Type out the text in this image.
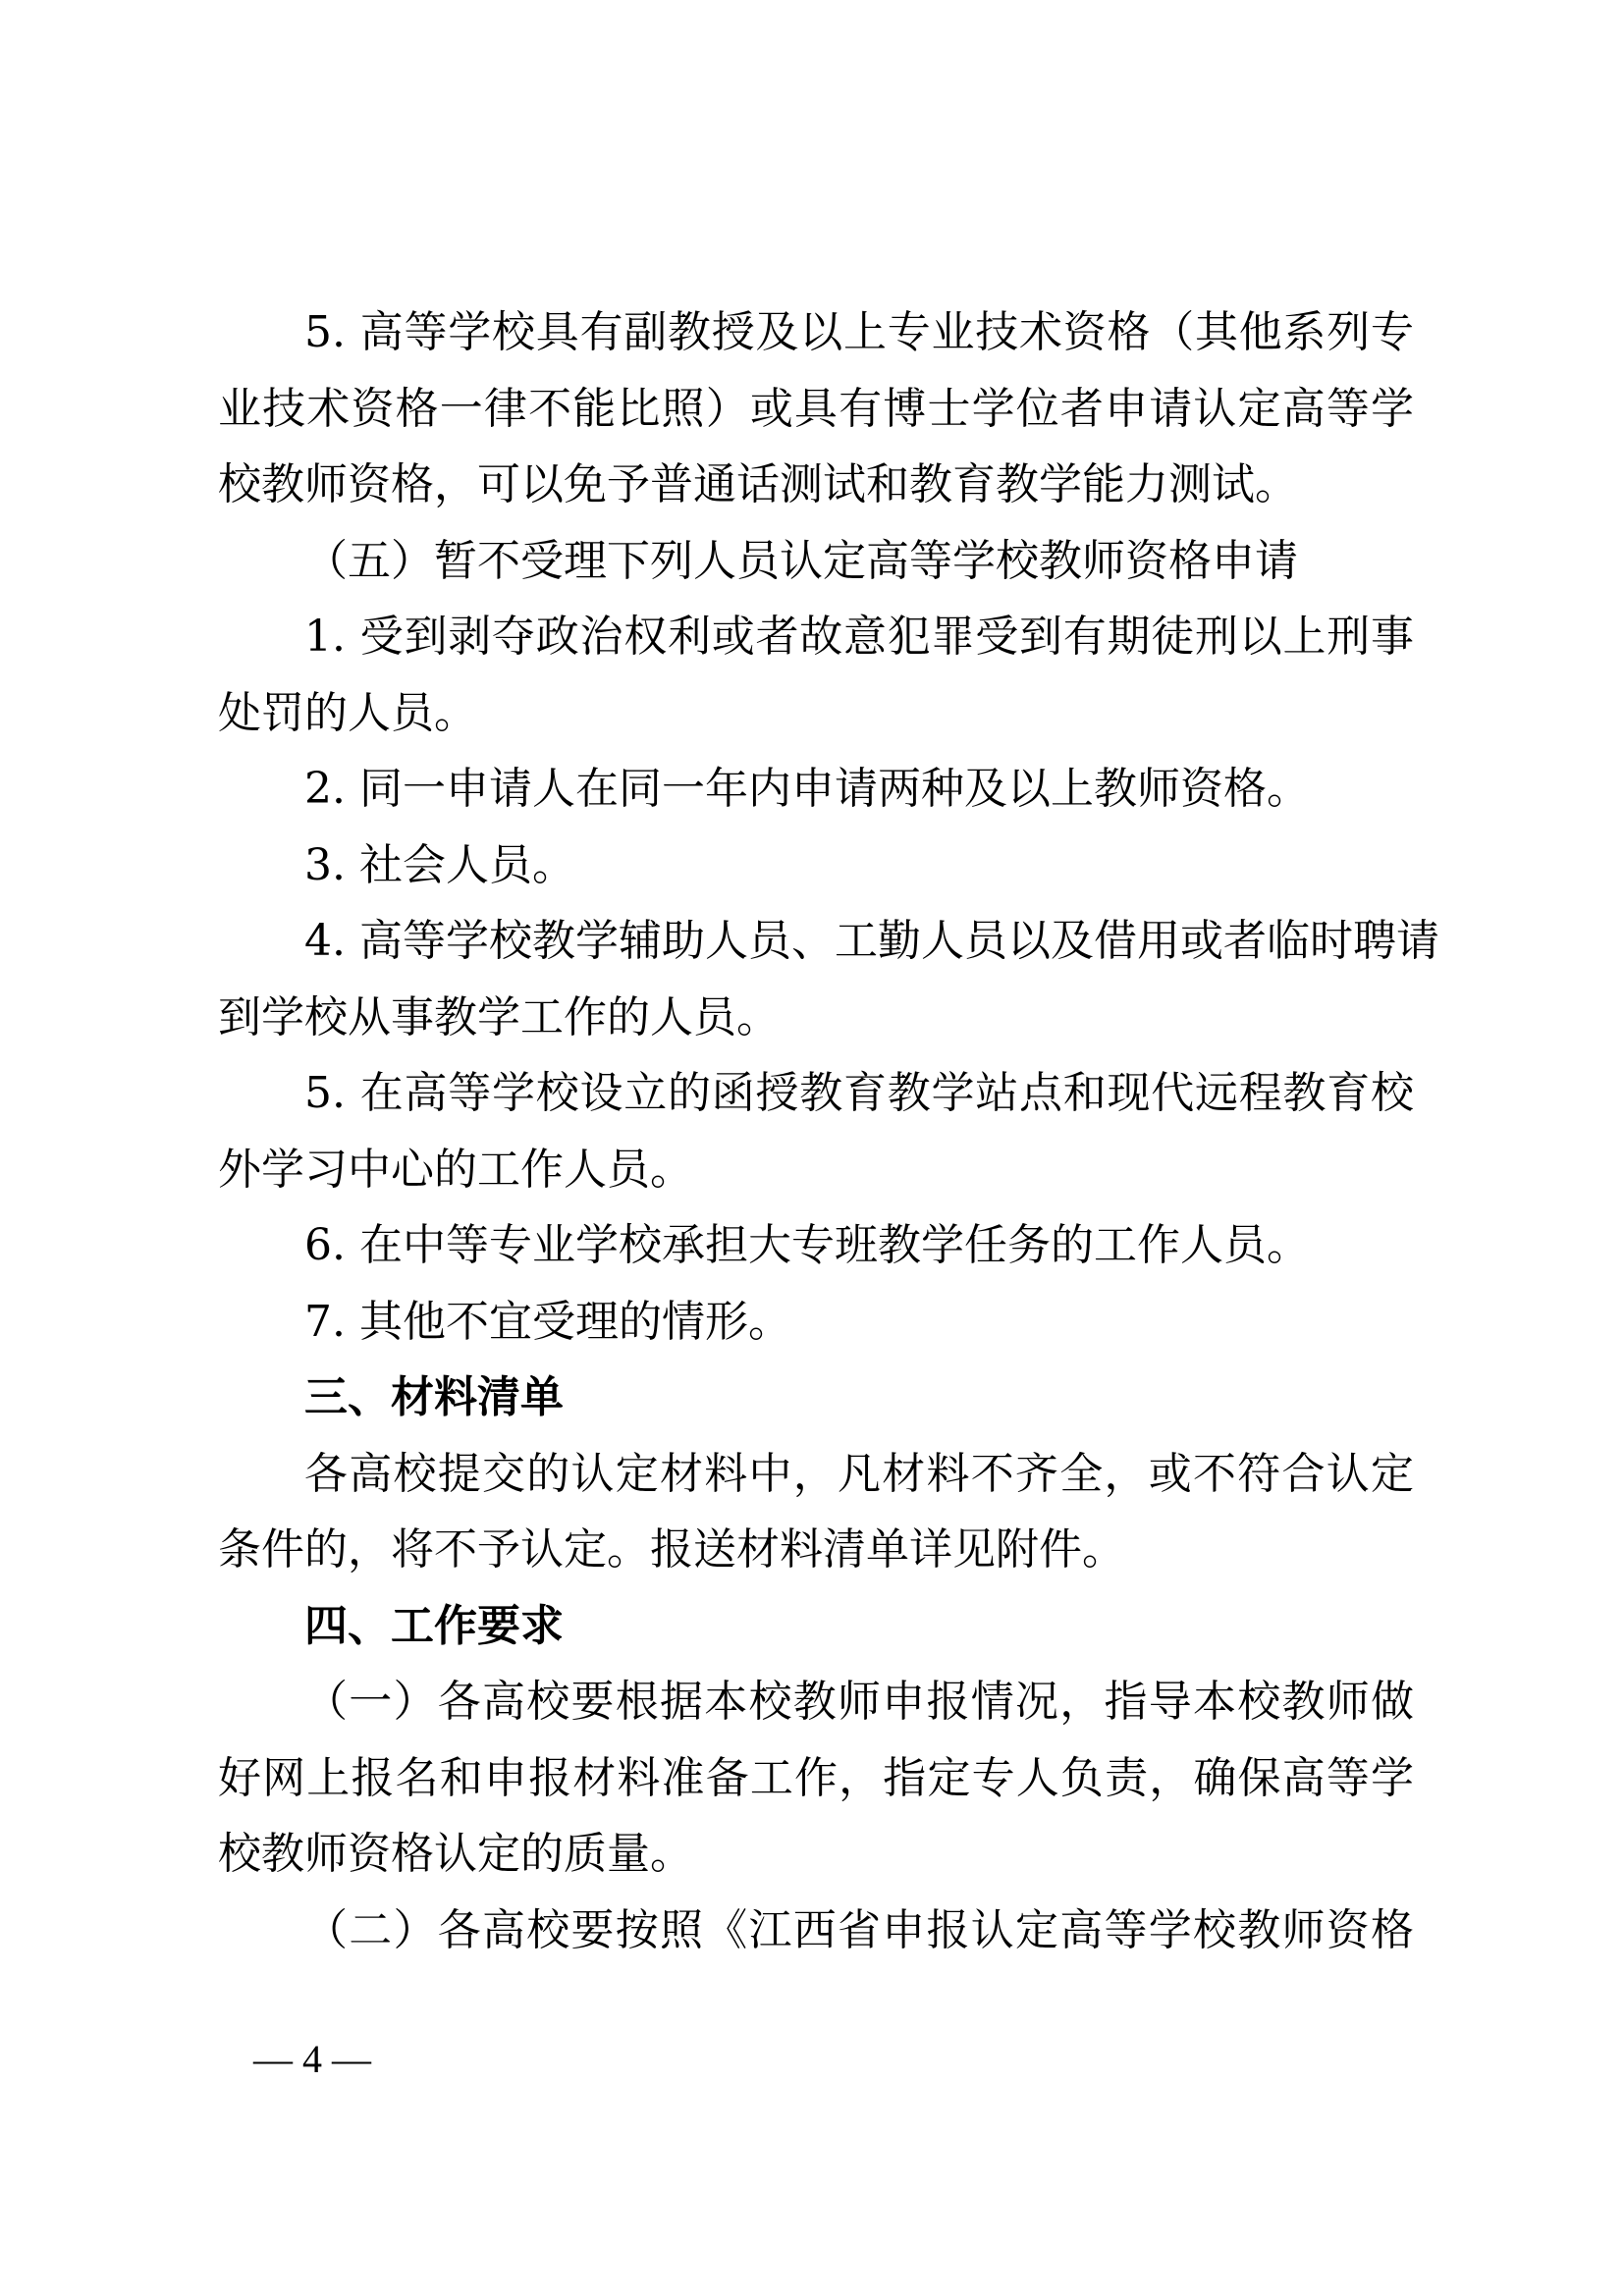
5. 高等学校具有副教授及以上专业技术资格（其他系列专
业技术资格一律不能比照）或具有博士学位者申请认定高等学
校教师资格，可以免予普通话测试和教育教学能力测试。
（五）暂不受理下列人员认定高等学校教师资格申请
1. 受到剥夺政治权利或者故意犯罪受到有期徒刑以上刑事
处罚的人员。
2. 同一申请人在同一年内申请两种及以上教师资格。
3. 社会人员。
4. 高等学校教学辅助人员、工勤人员以及借用或者临时聘请
到学校从事教学工作的人员。
5. 在高等学校设立的函授教育教学站点和现代远程教育校
外学习中心的工作人员。
6. 在中等专业学校承担大专班教学任务的工作人员。
7. 其他不宜受理的情形。
三、材料清单
各高校提交的认定材料中，凡材料不齐全，或不符合认定
条件的，将不予认定。报送材料清单详见附件。
四、工作要求
（一）各高校要根据本校教师申报情况，指导本校教师做
好网上报名和申报材料准备工作，指定专人负责，确保高等学
校教师资格认定的质量。
（二）各高校要按照《江西省申报认定高等学校教师资格
— 4 —
